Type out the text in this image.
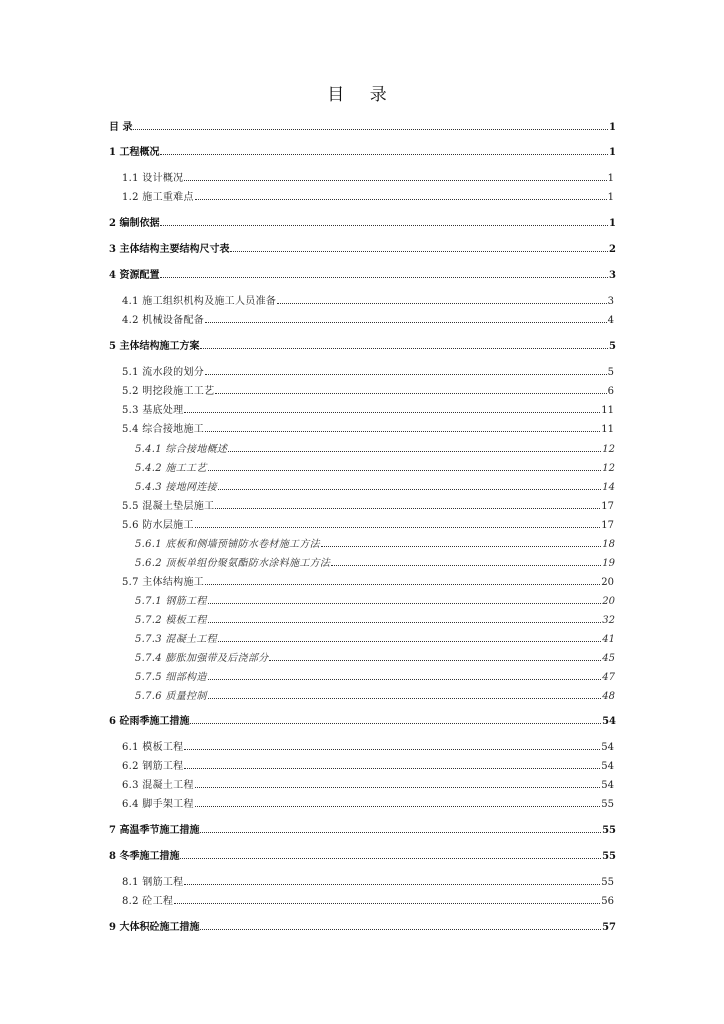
目 录
目 录	1
1 工程概况	1
1.1 设计概况	1
1.2 施工重难点	1
2 编制依据	1
3 主体结构主要结构尺寸表	2
4 资源配置	3
4.1 施工组织机构及施工人员准备	3
4.2 机械设备配备	4
5 主体结构施工方案	5
5.1 流水段的划分	5
5.2 明挖段施工工艺	6
5.3 基底处理	11
5.4 综合接地施工	11
5.4.1 综合接地概述	12
5.4.2 施工工艺	12
5.4.3 接地网连接	14
5.5 混凝土垫层施工	17
5.6 防水层施工	17
5.6.1 底板和侧墙预铺防水卷材施工方法	18
5.6.2 顶板单组份聚氨酯防水涂料施工方法	19
5.7 主体结构施工	20
5.7.1 钢筋工程	20
5.7.2 模板工程	32
5.7.3 混凝土工程	41
5.7.4 膨胀加强带及后浇部分	45
5.7.5 细部构造	47
5.7.6 质量控制	48
6 砼雨季施工措施	54
6.1 模板工程	54
6.2 钢筋工程	54
6.3 混凝土工程	54
6.4 脚手架工程	55
7 高温季节施工措施	55
8 冬季施工措施	55
8.1 钢筋工程	55
8.2 砼工程	56
9 大体积砼施工措施	57
